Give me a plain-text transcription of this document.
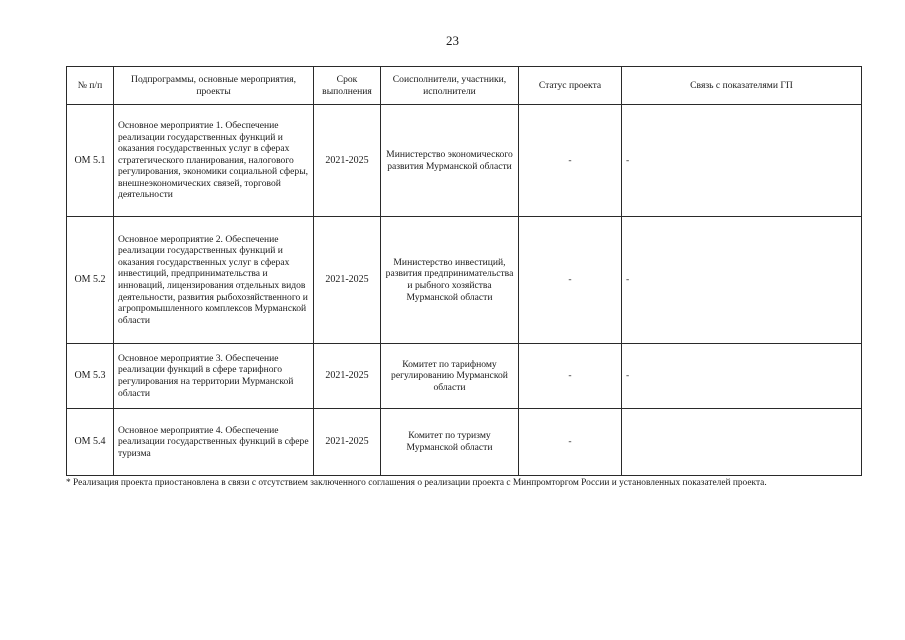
23
№ п/п	Подпрограммы, основные мероприятия, проекты	Срок выполнения	Соисполнители, участники, исполнители	Статус проекта	Связь с показателями ГП
ОМ 5.1	Основное мероприятие 1. Обеспечение реализации государственных функций и оказания государственных услуг в сферах стратегического планирования, налогового регулирования, экономики социальной сферы, внешнеэкономических связей, торговой деятельности	2021-2025	Министерство экономического развития Мурманской области	-	-
ОМ 5.2	Основное мероприятие 2. Обеспечение реализации государственных функций и оказания государственных услуг в сферах инвестиций, предпринимательства и инноваций, лицензирования отдельных видов деятельности, развития рыбохозяйственного и агропромышленного комплексов Мурманской области	2021-2025	Министерство инвестиций, развития предпринимательства и рыбного хозяйства Мурманской области	-	-
ОМ 5.3	Основное мероприятие 3. Обеспечение реализации функций в сфере тарифного регулирования на территории Мурманской области	2021-2025	Комитет по тарифному регулированию Мурманской области	-	-
ОМ 5.4	Основное мероприятие 4. Обеспечение реализации государственных функций в сфере туризма	2021-2025	Комитет по туризму Мурманской области	-	
* Реализация проекта приостановлена в связи с отсутствием заключенного соглашения о реализации проекта с Минпромторгом России и установленных показателей проекта.
